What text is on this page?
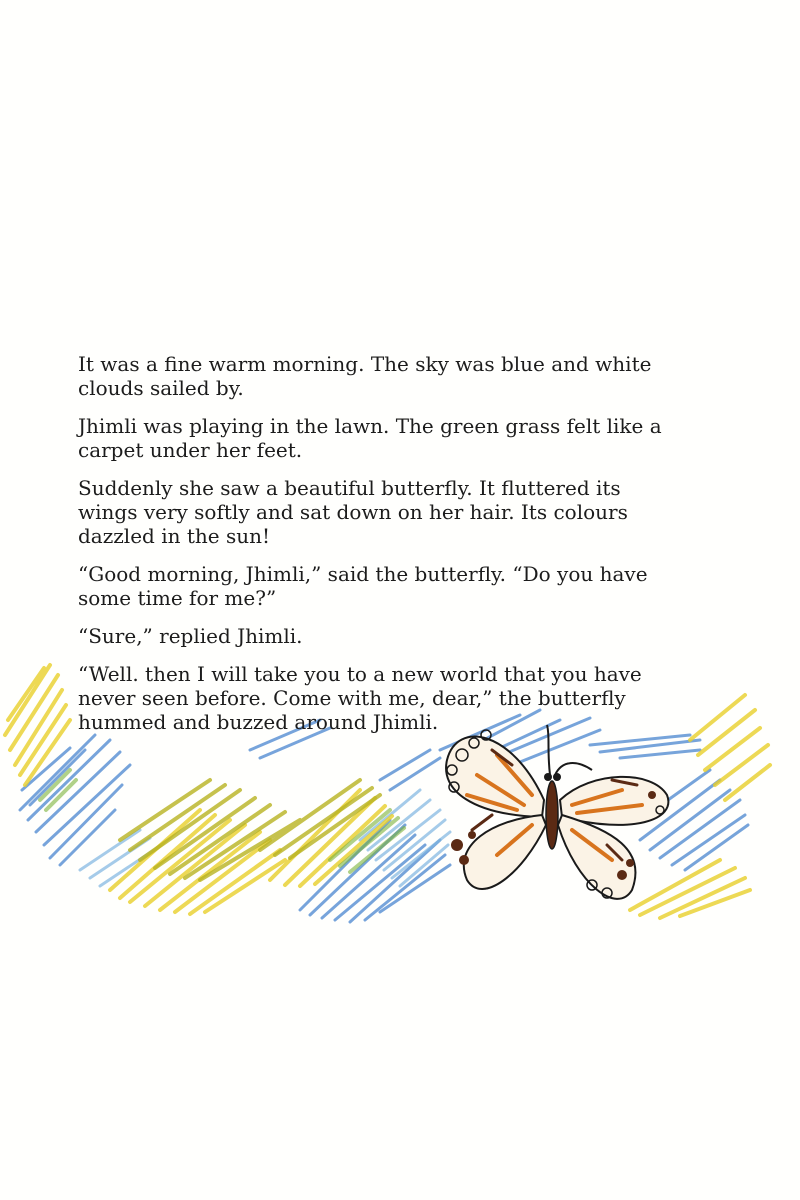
It was a fine warm morning. The sky was blue and white clouds sailed by.

Jhimli was playing in the lawn. The green grass felt like a carpet under her feet.

Suddenly she saw a beautiful butterfly. It fluttered its wings very softly and sat down on her hair. Its colours dazzled in the sun!

“Good morning, Jhimli,” said the butterfly. “Do you have some time for me?”

“Sure,” replied Jhimli.

“Well. then I will take you to a new world that you have never seen before. Come with me, dear,” the butterfly hummed and buzzed around Jhimli.
